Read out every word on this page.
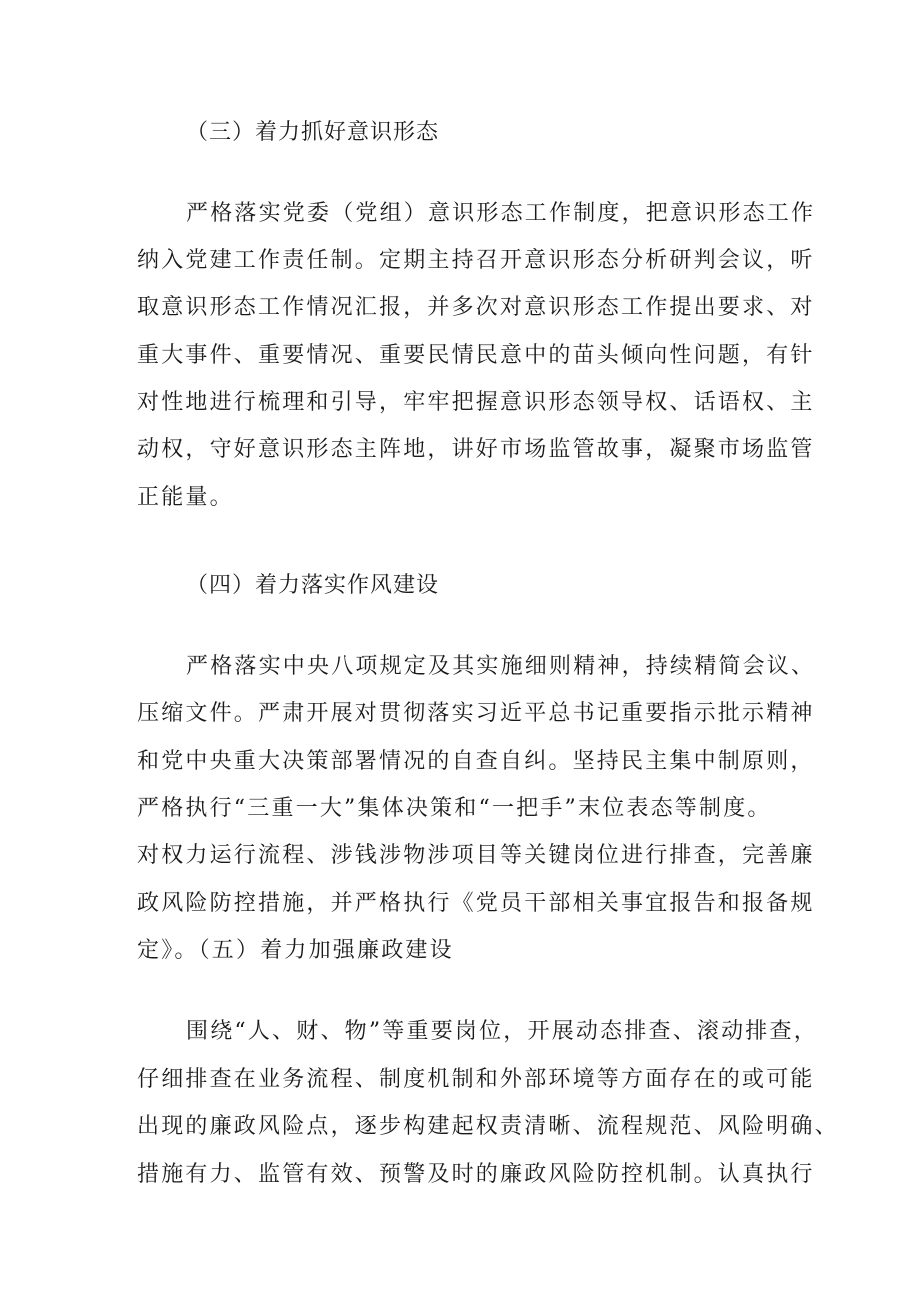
（三）着力抓好意识形态
严格落实党委（党组）意识形态工作制度，把意识形态工作
纳入党建工作责任制。定期主持召开意识形态分析研判会议，听
取意识形态工作情况汇报，并多次对意识形态工作提出要求、对
重大事件、重要情况、重要民情民意中的苗头倾向性问题，有针
对性地进行梳理和引导，牢牢把握意识形态领导权、话语权、主
动权，守好意识形态主阵地，讲好市场监管故事，凝聚市场监管
正能量。
（四）着力落实作风建设
严格落实中央八项规定及其实施细则精神，持续精简会议、
压缩文件。严肃开展对贯彻落实习近平总书记重要指示批示精神
和党中央重大决策部署情况的自查自纠。坚持民主集中制原则，
严格执行“三重一大”集体决策和“一把手”末位表态等制度。
对权力运行流程、涉钱涉物涉项目等关键岗位进行排查，完善廉
政风险防控措施，并严格执行《党员干部相关事宜报告和报备规
定》。（五）着力加强廉政建设
围绕“人、财、物”等重要岗位，开展动态排查、滚动排查，
仔细排查在业务流程、制度机制和外部环境等方面存在的或可能
出现的廉政风险点，逐步构建起权责清晰、流程规范、风险明确、
措施有力、监管有效、预警及时的廉政风险防控机制。认真执行
